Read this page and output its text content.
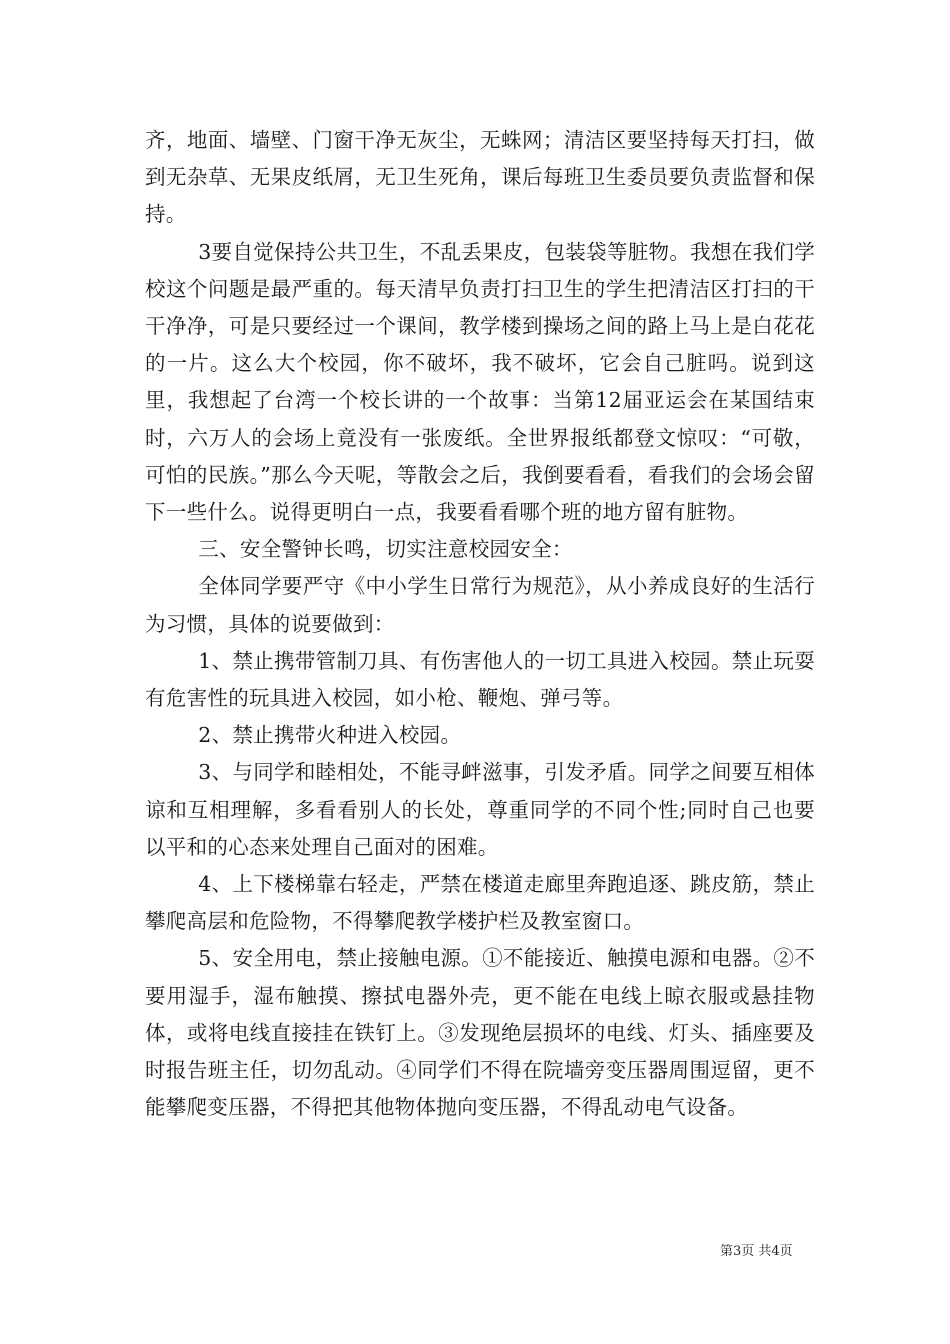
齐，地面、墙壁、门窗干净无灰尘，无蛛网；清洁区要坚持每天打扫，做到无杂草、无果皮纸屑，无卫生死角，课后每班卫生委员要负责监督和保持。

3要自觉保持公共卫生，不乱丢果皮，包装袋等脏物。我想在我们学校这个问题是最严重的。每天清早负责打扫卫生的学生把清洁区打扫的干干净净，可是只要经过一个课间，教学楼到操场之间的路上马上是白花花的一片。这么大个校园，你不破坏，我不破坏，它会自己脏吗。说到这里，我想起了台湾一个校长讲的一个故事：当第12届亚运会在某国结束时，六万人的会场上竟没有一张废纸。全世界报纸都登文惊叹：“可敬，可怕的民族。”那么今天呢，等散会之后，我倒要看看，看我们的会场会留下一些什么。说得更明白一点，我要看看哪个班的地方留有脏物。

三、安全警钟长鸣，切实注意校园安全：

全体同学要严守《中小学生日常行为规范》，从小养成良好的生活行为习惯，具体的说要做到：

1、禁止携带管制刀具、有伤害他人的一切工具进入校园。禁止玩耍有危害性的玩具进入校园，如小枪、鞭炮、弹弓等。

2、禁止携带火种进入校园。

3、与同学和睦相处，不能寻衅滋事，引发矛盾。同学之间要互相体谅和互相理解，多看看别人的长处，尊重同学的不同个性;同时自己也要以平和的心态来处理自己面对的困难。

4、上下楼梯靠右轻走，严禁在楼道走廊里奔跑追逐、跳皮筋，禁止攀爬高层和危险物，不得攀爬教学楼护栏及教室窗口。

5、安全用电，禁止接触电源。①不能接近、触摸电源和电器。②不要用湿手，湿布触摸、擦拭电器外壳，更不能在电线上晾衣服或悬挂物体，或将电线直接挂在铁钉上。③发现绝层损坏的电线、灯头、插座要及时报告班主任，切勿乱动。④同学们不得在院墙旁变压器周围逗留，更不能攀爬变压器，不得把其他物体抛向变压器，不得乱动电气设备。

第3页 共4页
